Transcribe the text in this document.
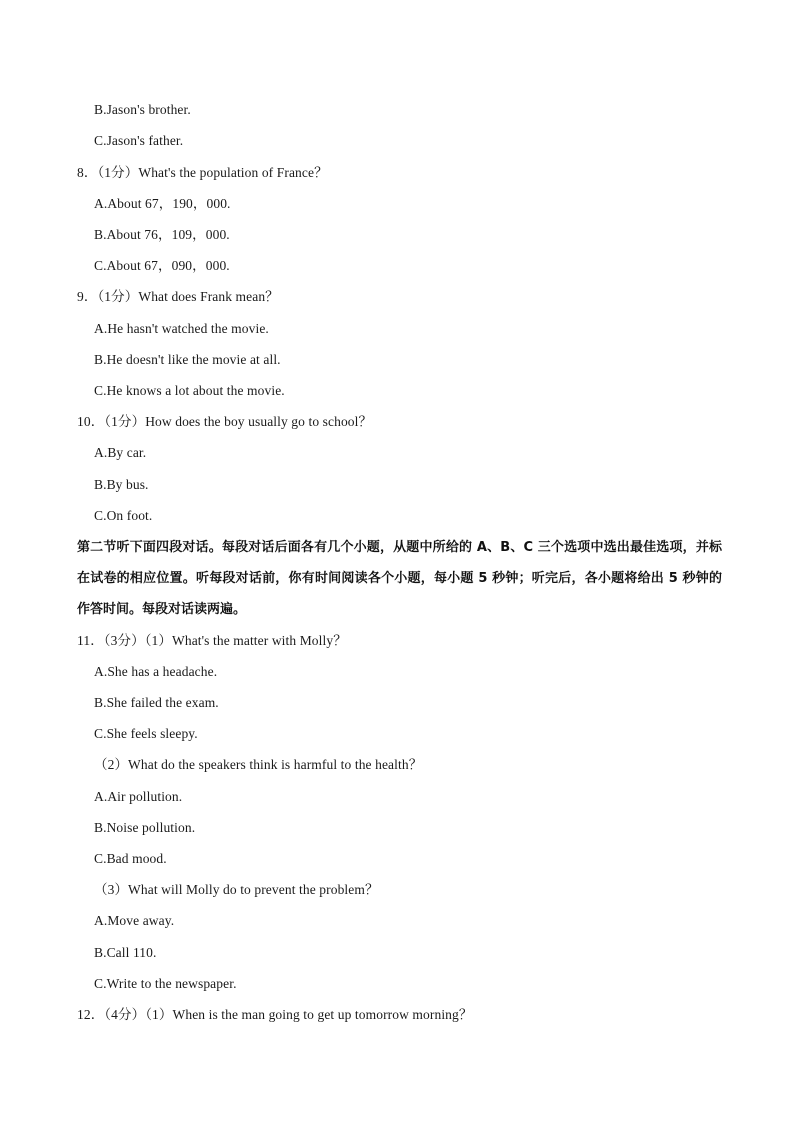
B.Jason's brother.
C.Jason's father.
8．（1分）What's the population of France？
A.About 67，190，000.
B.About 76，109，000.
C.About 67，090，000.
9．（1分）What does Frank mean？
A.He hasn't watched the movie.
B.He doesn't like the movie at all.
C.He knows a lot about the movie.
10．（1分）How does the boy usually go to school？
A.By car.
B.By bus.
C.On foot.
第二节听下面四段对话。每段对话后面各有几个小题，从题中所给的 A、B、C 三个选项中选出最佳选项，并标在试卷的相应位置。听每段对话前，你有时间阅读各个小题，每小题 5 秒钟；听完后，各小题将给出 5 秒钟的作答时间。每段对话读两遍。
11．（3分）（1）What's the matter with Molly？
A.She has a headache.
B.She failed the exam.
C.She feels sleepy.
（2）What do the speakers think is harmful to the health？
A.Air pollution.
B.Noise pollution.
C.Bad mood.
（3）What will Molly do to prevent the problem？
A.Move away.
B.Call 110.
C.Write to the newspaper.
12．（4分）（1）When is the man going to get up tomorrow morning？
